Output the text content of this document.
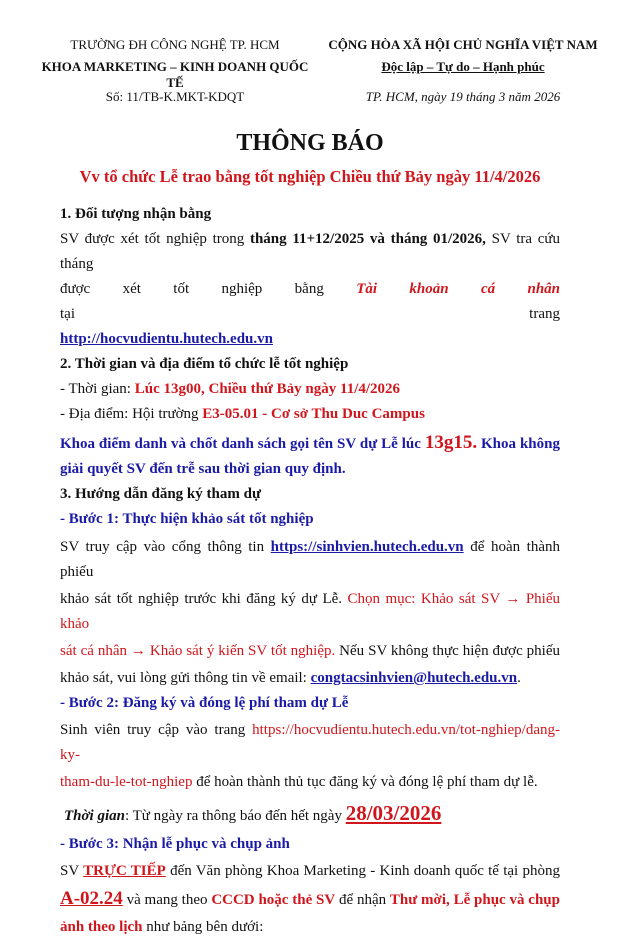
TRƯỜNG ĐH CÔNG NGHỆ TP. HCM
KHOA MARKETING – KINH DOANH QUỐC TẾ
Số: 11/TB-K.MKT-KDQT
CỘNG HÒA XÃ HỘI CHỦ NGHĨA VIỆT NAM
Độc lập – Tự do – Hạnh phúc
TP. HCM, ngày 19 tháng 3 năm 2026
THÔNG BÁO
Vv tổ chức Lễ trao bằng tốt nghiệp Chiều thứ Bảy ngày 11/4/2026
1. Đối tượng nhận bằng
SV được xét tốt nghiệp trong tháng 11+12/2025 và tháng 01/2026, SV tra cứu tháng
được xét tốt nghiệp bằng Tài khoản cá nhân tại trang
http://hocvudientu.hutech.edu.vn
2. Thời gian và địa điểm tổ chức lễ tốt nghiệp
- Thời gian: Lúc 13g00, Chiều thứ Bảy ngày 11/4/2026
- Địa điểm: Hội trường E3-05.01 - Cơ sở Thu Duc Campus
Khoa điểm danh và chốt danh sách gọi tên SV dự Lễ lúc 13g15. Khoa không
giải quyết SV đến trễ sau thời gian quy định.
3. Hướng dẫn đăng ký tham dự
- Bước 1: Thực hiện khảo sát tốt nghiệp
SV truy cập vào cổng thông tin https://sinhvien.hutech.edu.vn để hoàn thành phiếu
khảo sát tốt nghiệp trước khi đăng ký dự Lễ. Chọn mục: Khảo sát SV → Phiếu khảo
sát cá nhân → Khảo sát ý kiến SV tốt nghiệp. Nếu SV không thực hiện được phiếu
khảo sát, vui lòng gửi thông tin về email: congtacsinhvien@hutech.edu.vn.
- Bước 2: Đăng ký và đóng lệ phí tham dự Lễ
Sinh viên truy cập vào trang https://hocvudientu.hutech.edu.vn/tot-nghiep/dang- ky-
tham-du-le-tot-nghiep để hoàn thành thủ tục đăng ký và đóng lệ phí tham dự lễ.
Thời gian: Từ ngày ra thông báo đến hết ngày 28/03/2026
- Bước 3: Nhận lễ phục và chụp ảnh
SV TRỰC TIẾP đến Văn phòng Khoa Marketing - Kinh doanh quốc tế tại phòng
A-02.24 và mang theo CCCD hoặc thẻ SV để nhận Thư mời, Lễ phục và chụp
ảnh theo lịch như bảng bên dưới:
